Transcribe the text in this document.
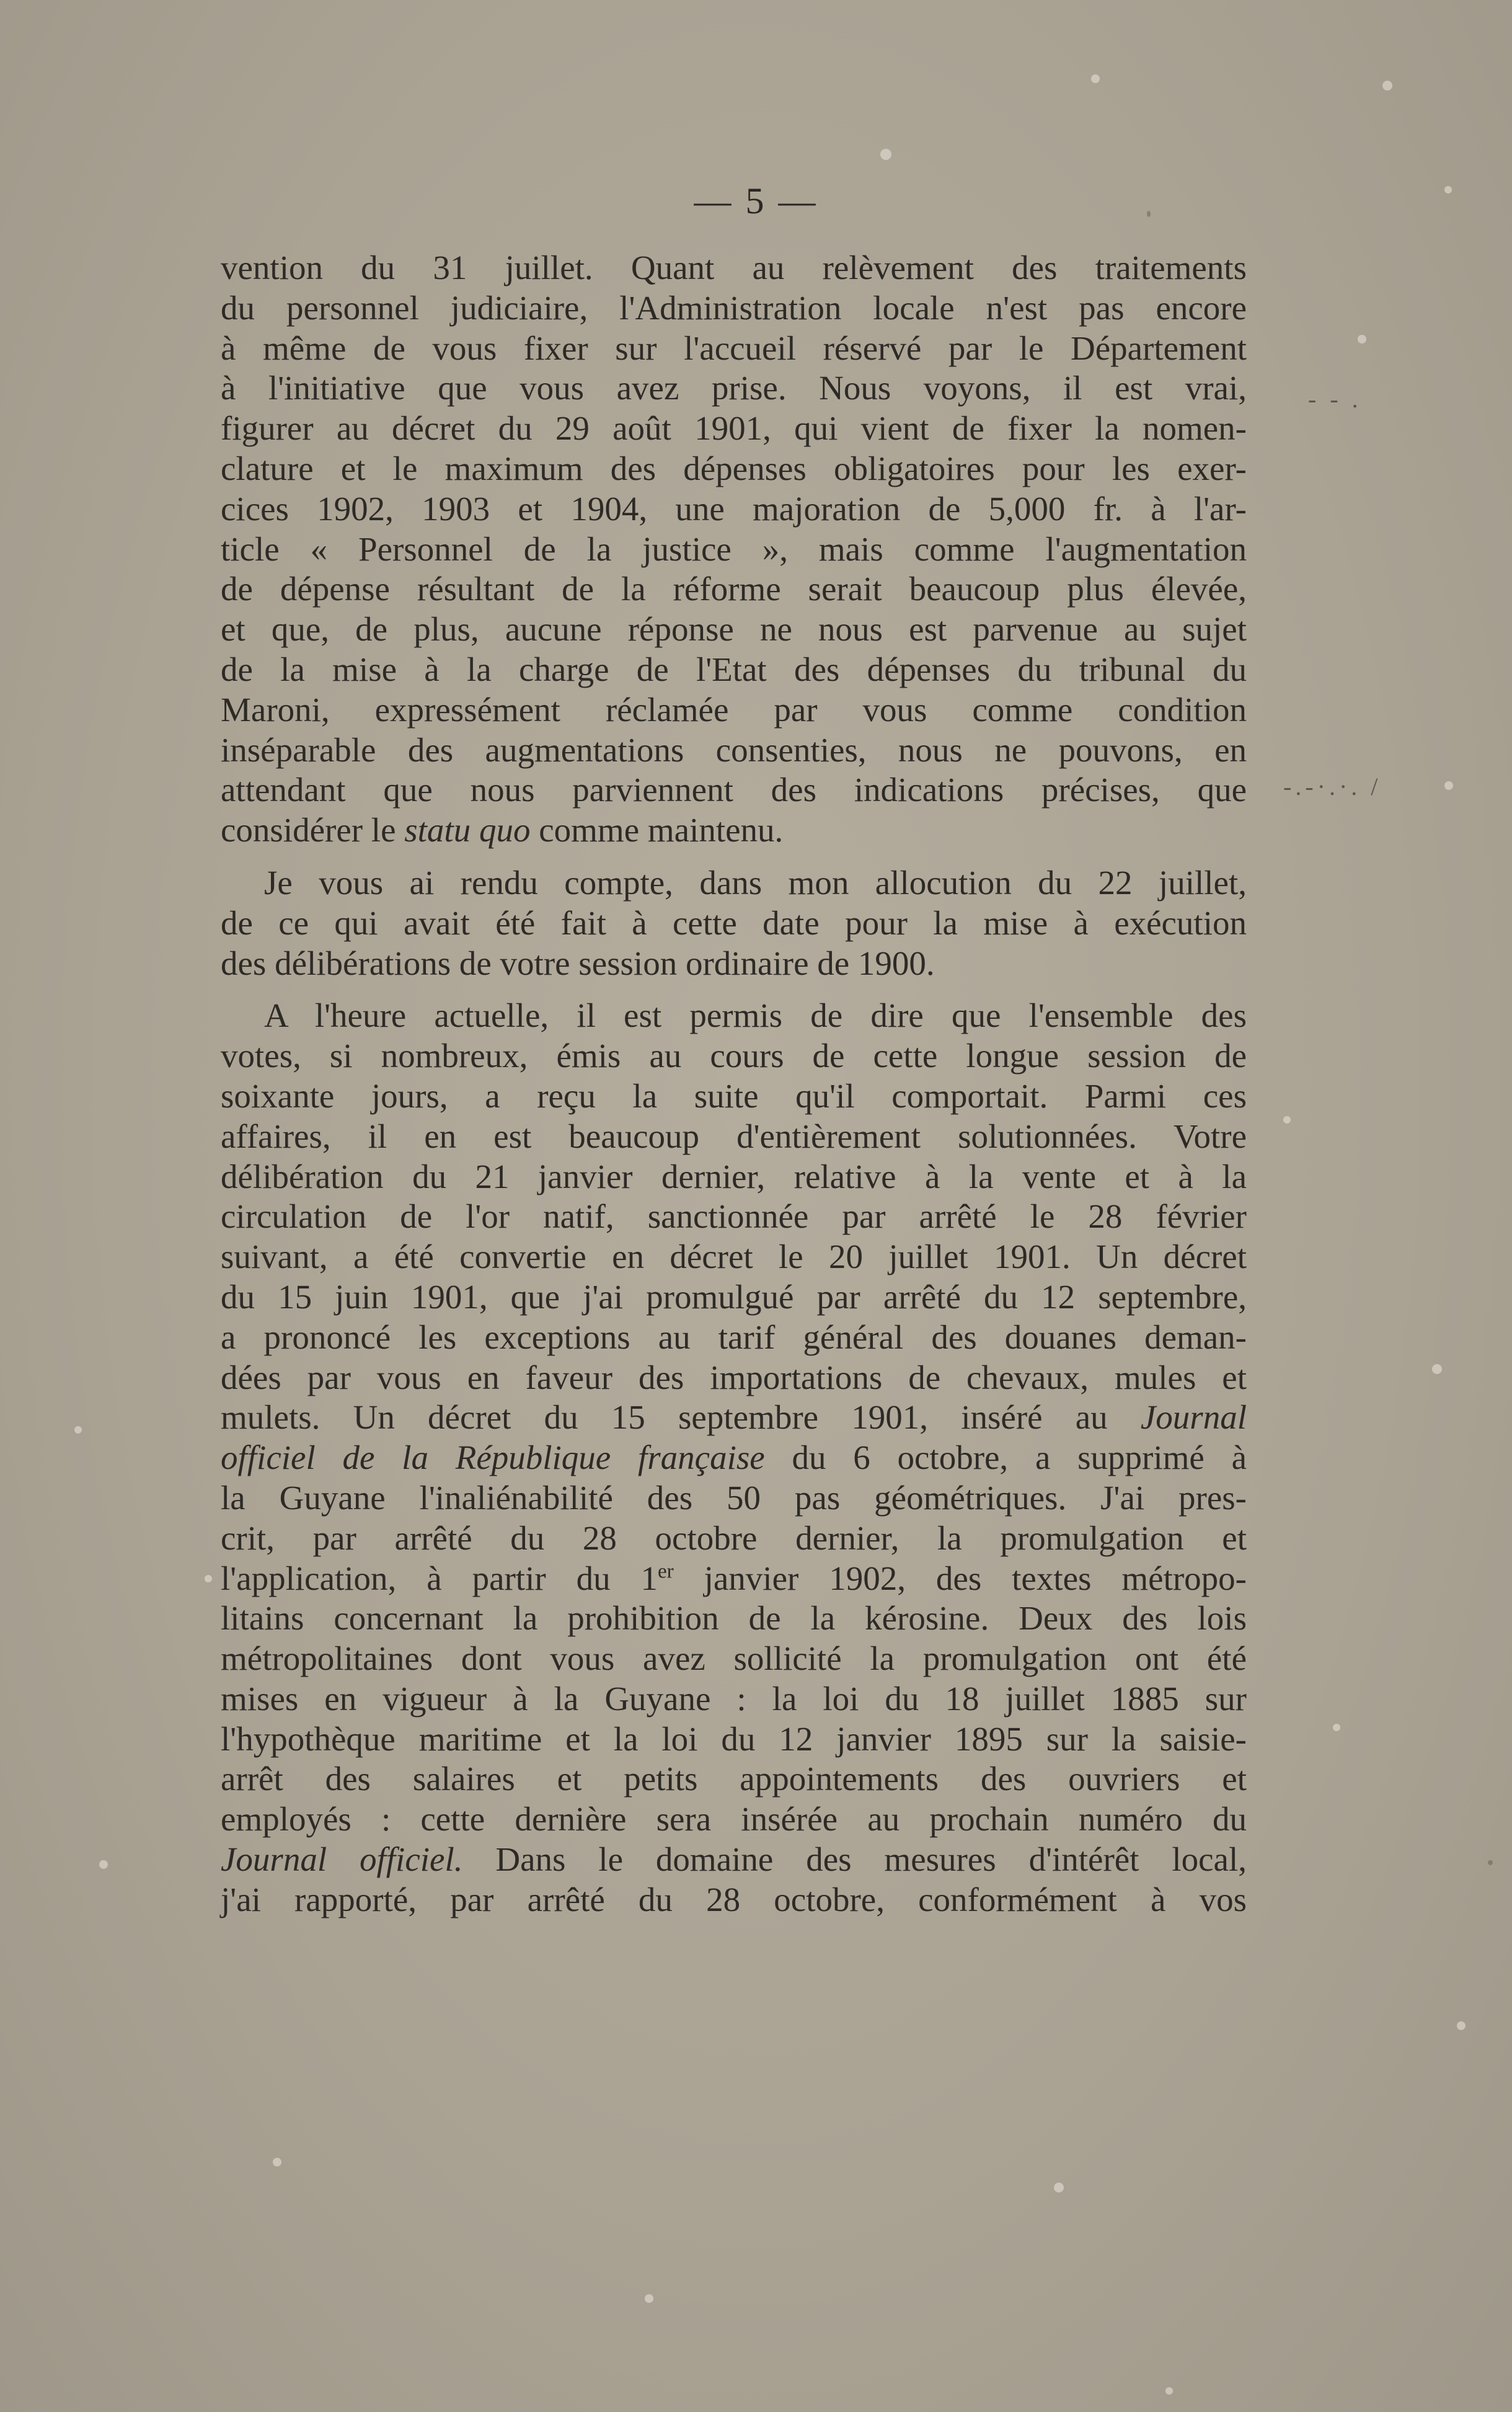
— 5 —
- - .
-.-·.·. /
vention du 31 juillet. Quant au relèvement des traitements
du personnel judiciaire, l'Administration locale n'est pas encore
à même de vous fixer sur l'accueil réservé par le Département
à l'initiative que vous avez prise. Nous voyons, il est vrai,
figurer au décret du 29 août 1901, qui vient de fixer la nomen-
clature et le maximum des dépenses obligatoires pour les exer-
cices 1902, 1903 et 1904, une majoration de 5,000 fr. à l'ar-
ticle « Personnel de la justice », mais comme l'augmentation
de dépense résultant de la réforme serait beaucoup plus élevée,
et que, de plus, aucune réponse ne nous est parvenue au sujet
de la mise à la charge de l'Etat des dépenses du tribunal du
Maroni, expressément réclamée par vous comme condition
inséparable des augmentations consenties, nous ne pouvons, en
attendant que nous parviennent des indications précises, que
considérer le statu quo comme maintenu.
Je vous ai rendu compte, dans mon allocution du 22 juillet,
de ce qui avait été fait à cette date pour la mise à exécution
des délibérations de votre session ordinaire de 1900.
A l'heure actuelle, il est permis de dire que l'ensemble des
votes, si nombreux, émis au cours de cette longue session de
soixante jours, a reçu la suite qu'il comportait. Parmi ces
affaires, il en est beaucoup d'entièrement solutionnées. Votre
délibération du 21 janvier dernier, relative à la vente et à la
circulation de l'or natif, sanctionnée par arrêté le 28 février
suivant, a été convertie en décret le 20 juillet 1901. Un décret
du 15 juin 1901, que j'ai promulgué par arrêté du 12 septembre,
a prononcé les exceptions au tarif général des douanes deman-
dées par vous en faveur des importations de chevaux, mules et
mulets. Un décret du 15 septembre 1901, inséré au Journal
officiel de la République française du 6 octobre, a supprimé à
la Guyane l'inaliénabilité des 50 pas géométriques. J'ai pres-
crit, par arrêté du 28 octobre dernier, la promulgation et
l'application, à partir du 1er janvier 1902, des textes métropo-
litains concernant la prohibition de la kérosine. Deux des lois
métropolitaines dont vous avez sollicité la promulgation ont été
mises en vigueur à la Guyane : la loi du 18 juillet 1885 sur
l'hypothèque maritime et la loi du 12 janvier 1895 sur la saisie-
arrêt des salaires et petits appointements des ouvriers et
employés : cette dernière sera insérée au prochain numéro du
Journal officiel. Dans le domaine des mesures d'intérêt local,
j'ai rapporté, par arrêté du 28 octobre, conformément à vos
